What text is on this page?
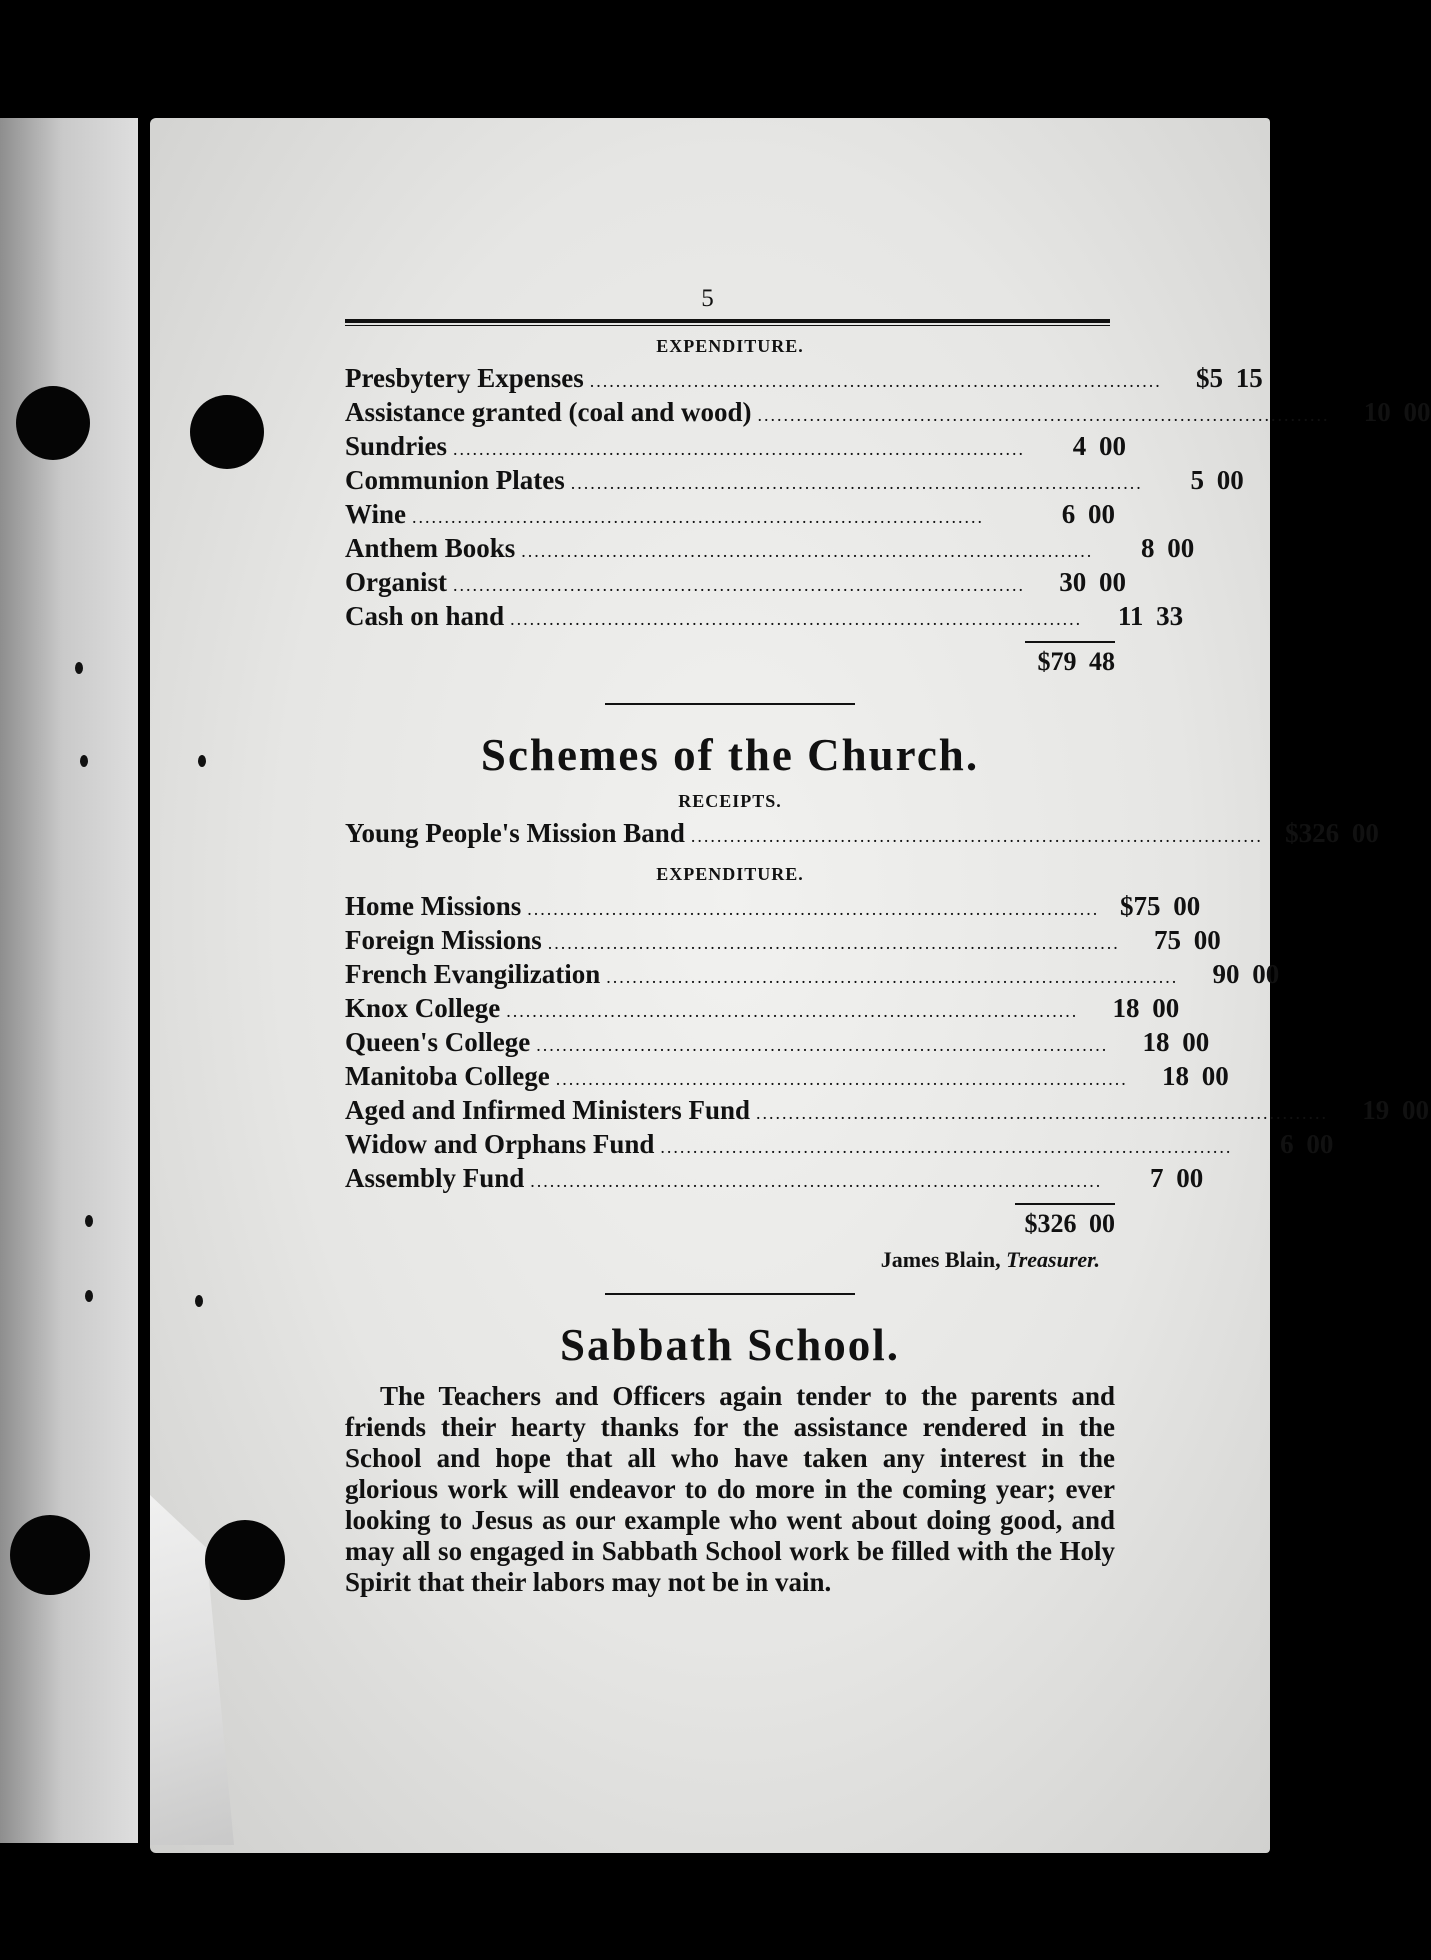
5
EXPENDITURE.
Presbytery Expenses ........................................................................................	$5 15
Assistance granted (coal and wood) ........................................................................................	10 00
Sundries ........................................................................................	4 00
Communion Plates ........................................................................................	5 00
Wine ........................................................................................	6 00
Anthem Books ........................................................................................	8 00
Organist ........................................................................................	30 00
Cash on hand ........................................................................................	11 33
$79 48
Schemes of the Church.
RECEIPTS.
Young People's Mission Band ........................................................................................ $326 00
EXPENDITURE.
Home Missions ........................................................................................ $75 00
Foreign Missions ........................................................................................	75 00
French Evangilization ........................................................................................	90 00
Knox College ........................................................................................	18 00
Queen's College ........................................................................................	18 00
Manitoba College ........................................................................................	18 00
Aged and Infirmed Ministers Fund ........................................................................................	19 00
Widow and Orphans Fund ........................................................................................	6 00
Assembly Fund ........................................................................................	7 00
$326 00
James Blain, Treasurer.
Sabbath School.
The Teachers and Officers again tender to the parents and friends their hearty thanks for the assistance rendered in the School and hope that all who have taken any interest in the glorious work will endeavor to do more in the coming year; ever looking to Jesus as our example who went about doing good, and may all so engaged in Sabbath School work be filled with the Holy Spirit that their labors may not be in vain.
